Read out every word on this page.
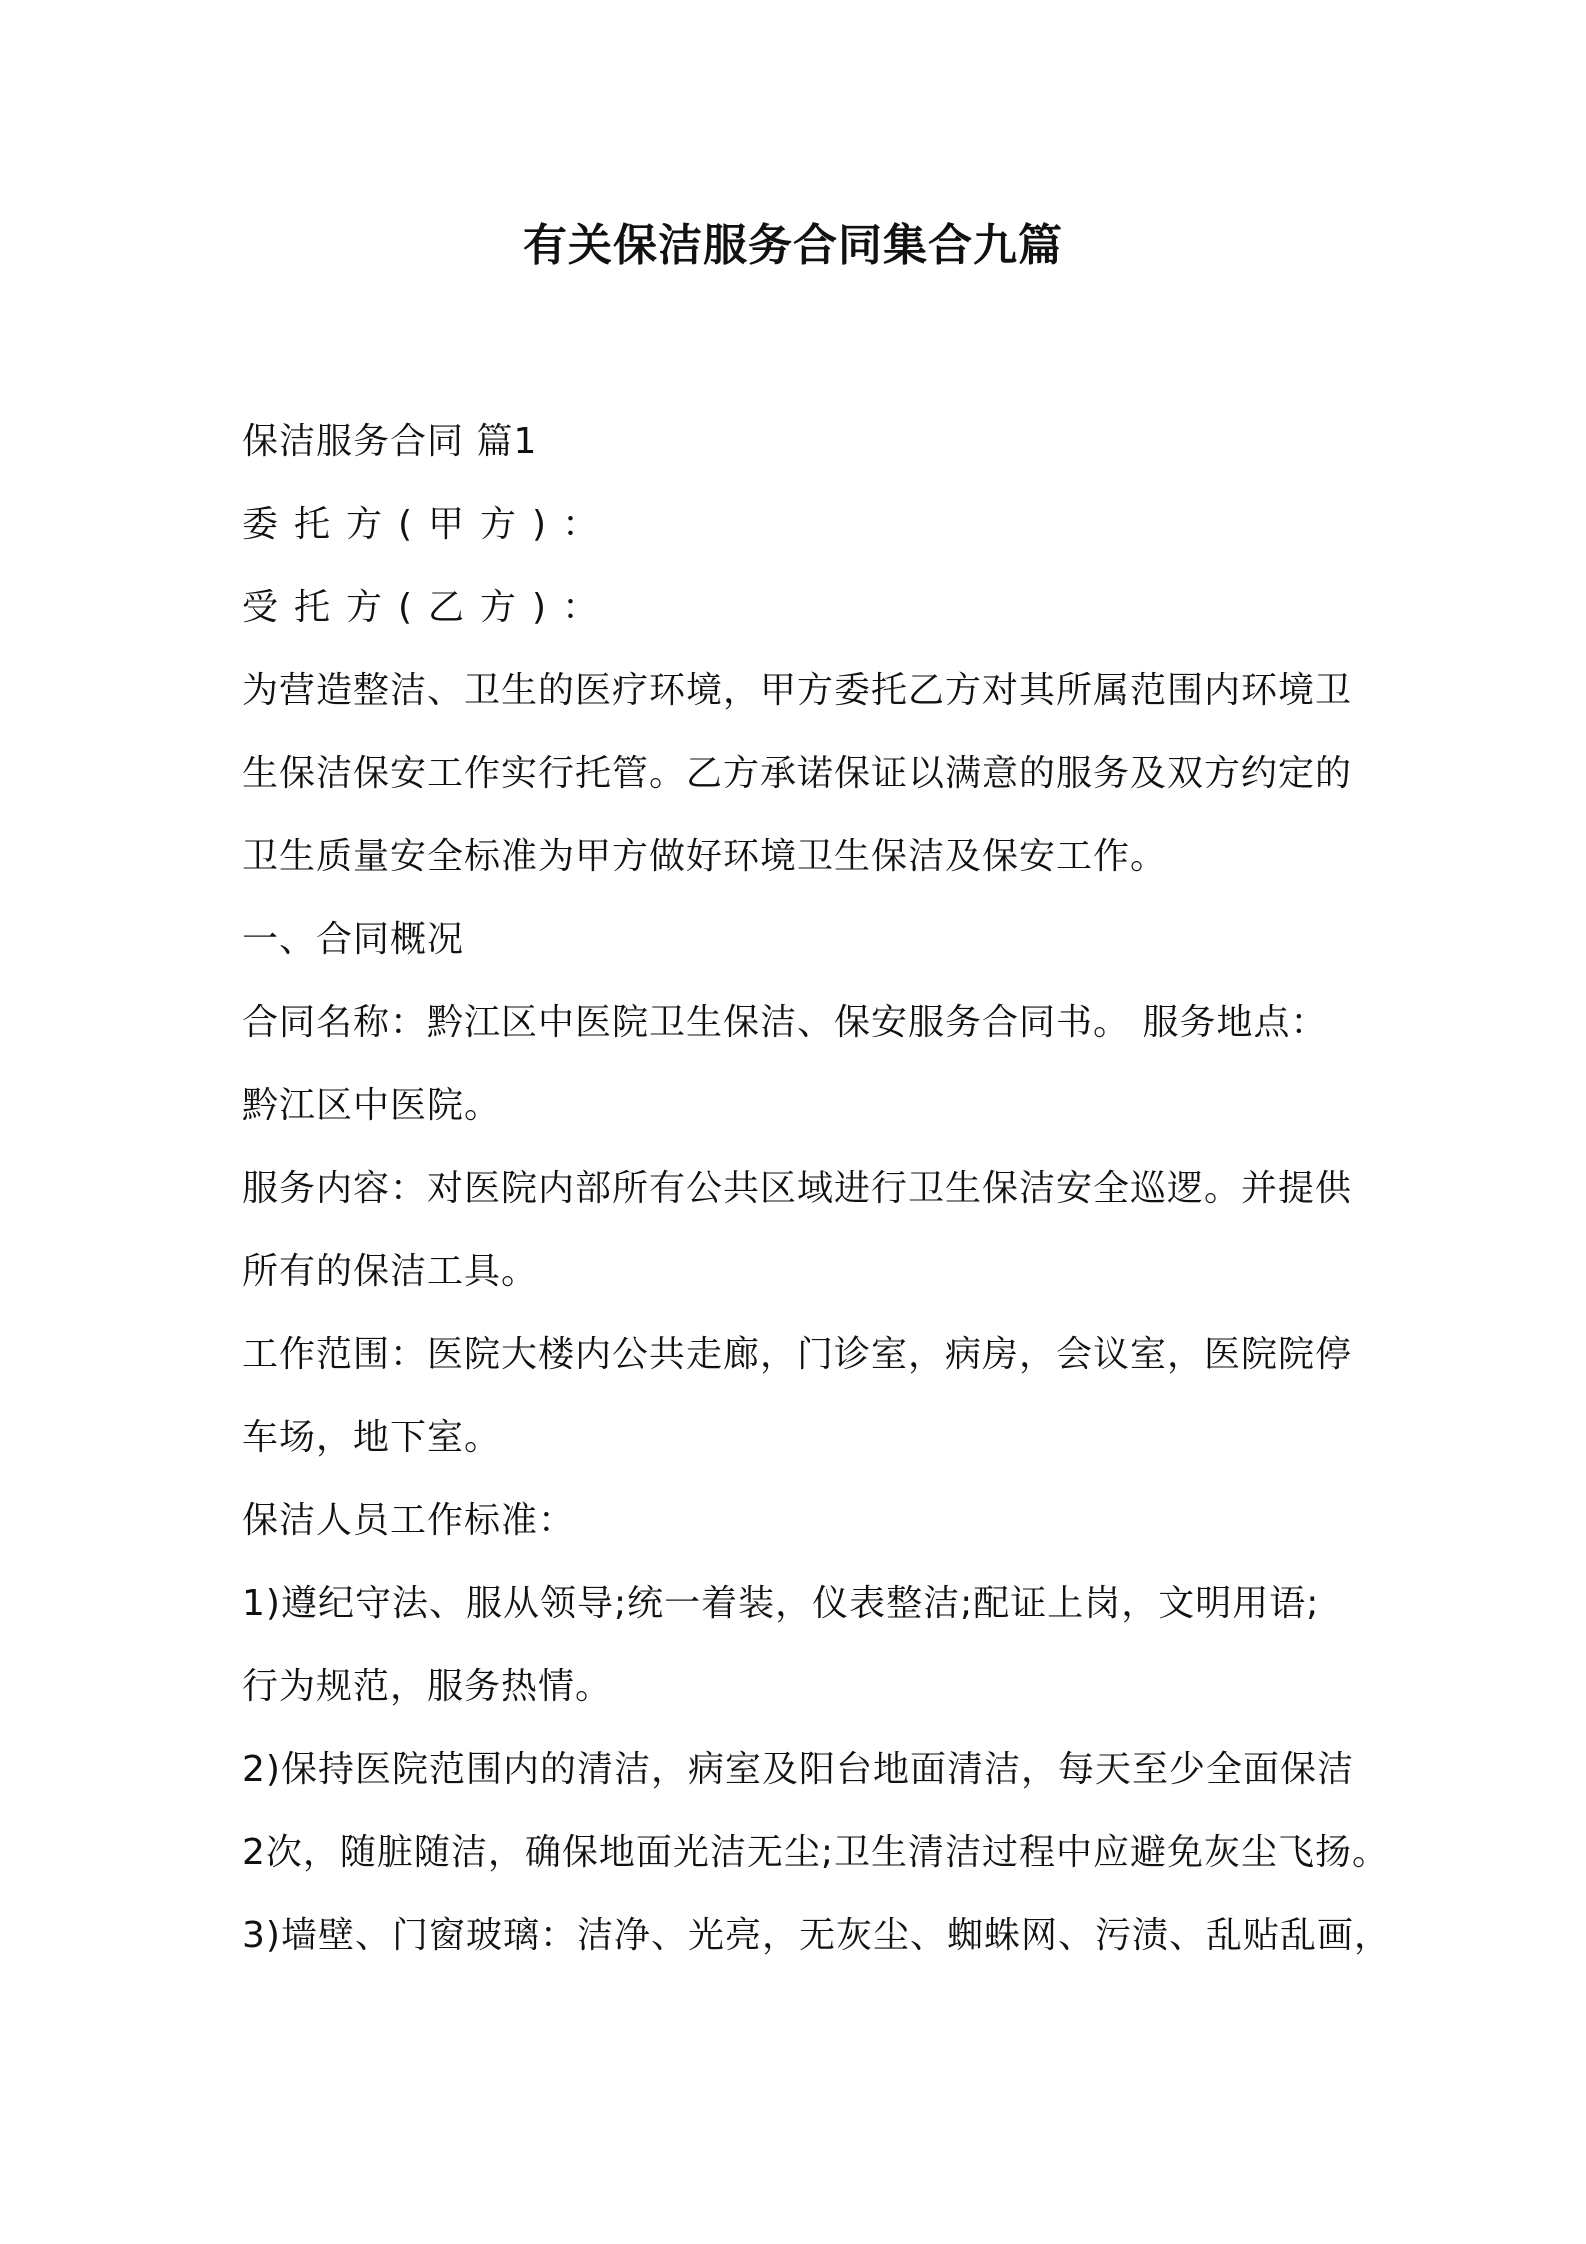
有关保洁服务合同集合九篇
保洁服务合同 篇1
委托方(甲方)：
受托方(乙方)：
为营造整洁、卫生的医疗环境，甲方委托乙方对其所属范围内环境卫
生保洁保安工作实行托管。乙方承诺保证以满意的服务及双方约定的
卫生质量安全标准为甲方做好环境卫生保洁及保安工作。
一、合同概况
合同名称：黔江区中医院卫生保洁、保安服务合同书。 服务地点：
黔江区中医院。
服务内容：对医院内部所有公共区域进行卫生保洁安全巡逻。并提供
所有的保洁工具。
工作范围：医院大楼内公共走廊，门诊室，病房，会议室，医院院停
车场，地下室。
保洁人员工作标准：
1)遵纪守法、服从领导;统一着装，仪表整洁;配证上岗，文明用语;
行为规范，服务热情。
2)保持医院范围内的清洁，病室及阳台地面清洁，每天至少全面保洁
2次，随脏随洁，确保地面光洁无尘;卫生清洁过程中应避免灰尘飞扬。
3)墙壁、门窗玻璃：洁净、光亮，无灰尘、蜘蛛网、污渍、乱贴乱画，
